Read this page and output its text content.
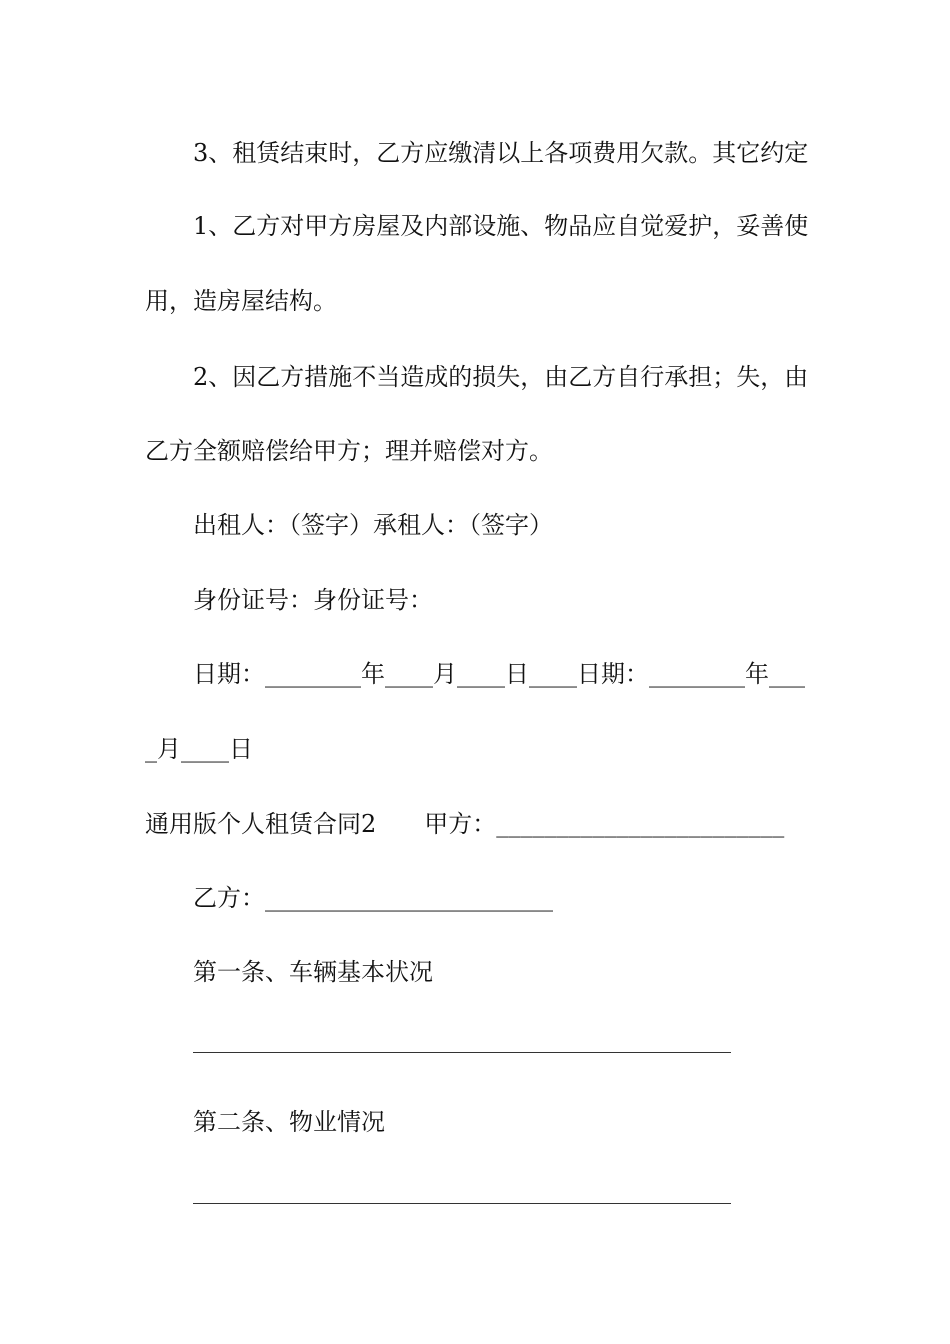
3、租赁结束时，乙方应缴清以上各项费用欠款。其它约定
1、乙方对甲方房屋及内部设施、物品应自觉爱护，妥善使
用，造房屋结构。
2、因乙方措施不当造成的损失，由乙方自行承担；失，由
乙方全额赔偿给甲方；理并赔偿对方。
出租人：（签字）承租人：（签字）
身份证号：身份证号：
日期：________年____月____日____日期：________年___
_月____日
通用版个人租赁合同2　　甲方：________________________
乙方：________________________
第一条、车辆基本状况
第二条、物业情况
